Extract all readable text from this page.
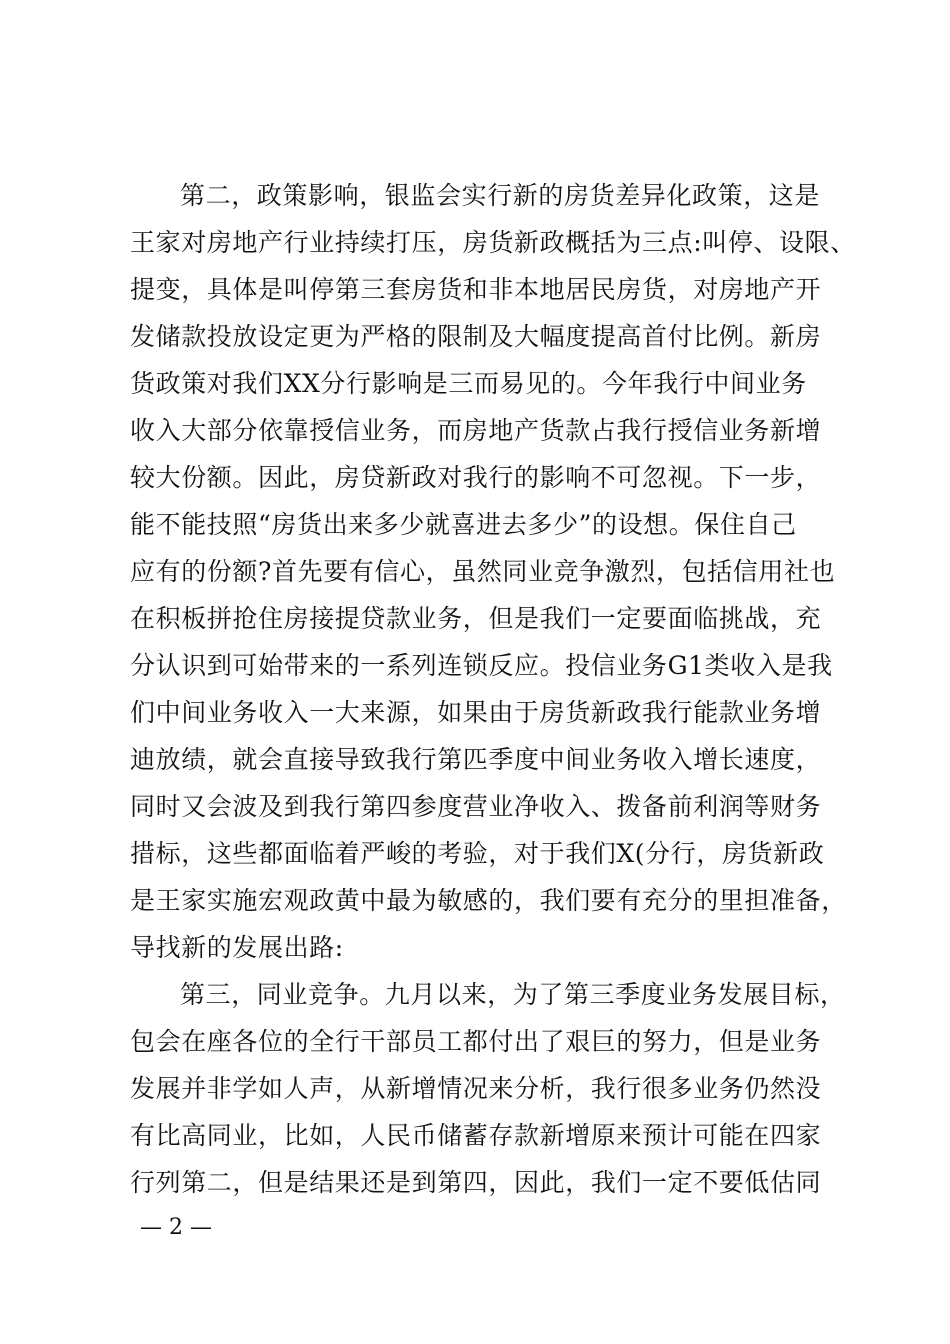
第二，政策影响，银监会实行新的房货差异化政策，这是
王家对房地产行业持续打压，房货新政概括为三点:叫停、设限、
提变，具体是叫停第三套房货和非本地居民房货，对房地产开
发储款投放设定更为严格的限制及大幅度提高首付比例。新房
货政策对我们XX分行影响是三而易见的。今年我行中间业务
收入大部分依靠授信业务，而房地产货款占我行授信业务新增
较大份额。因此，房贷新政对我行的影响不可忽视。下一步，
能不能技照“房货出来多少就喜进去多少”的设想。保住自己
应有的份额?首先要有信心，虽然同业竞争激烈，包括信用社也
在积板拼抢住房接提贷款业务，但是我们一定要面临挑战，充
分认识到可始带来的一系列连锁反应。投信业务G1类收入是我
们中间业务收入一大来源，如果由于房货新政我行能款业务增
迪放绩，就会直接导致我行第匹季度中间业务收入增长速度，
同时又会波及到我行第四参度营业净收入、拨备前利润等财务
措标，这些都面临着严峻的考验，对于我们X(分行，房货新政
是王家实施宏观政黄中最为敏感的，我们要有充分的里担准备，
导找新的发展出路:
第三，同业竞争。九月以来，为了第三季度业务发展目标，
包会在座各位的全行干部员工都付出了艰巨的努力，但是业务
发展并非学如人声，从新增情况来分析，我行很多业务仍然没
有比高同业，比如，人民币储蓄存款新增原来预计可能在四家
行列第二，但是结果还是到第四，因此，我们一定不要低估同
— 2 —
